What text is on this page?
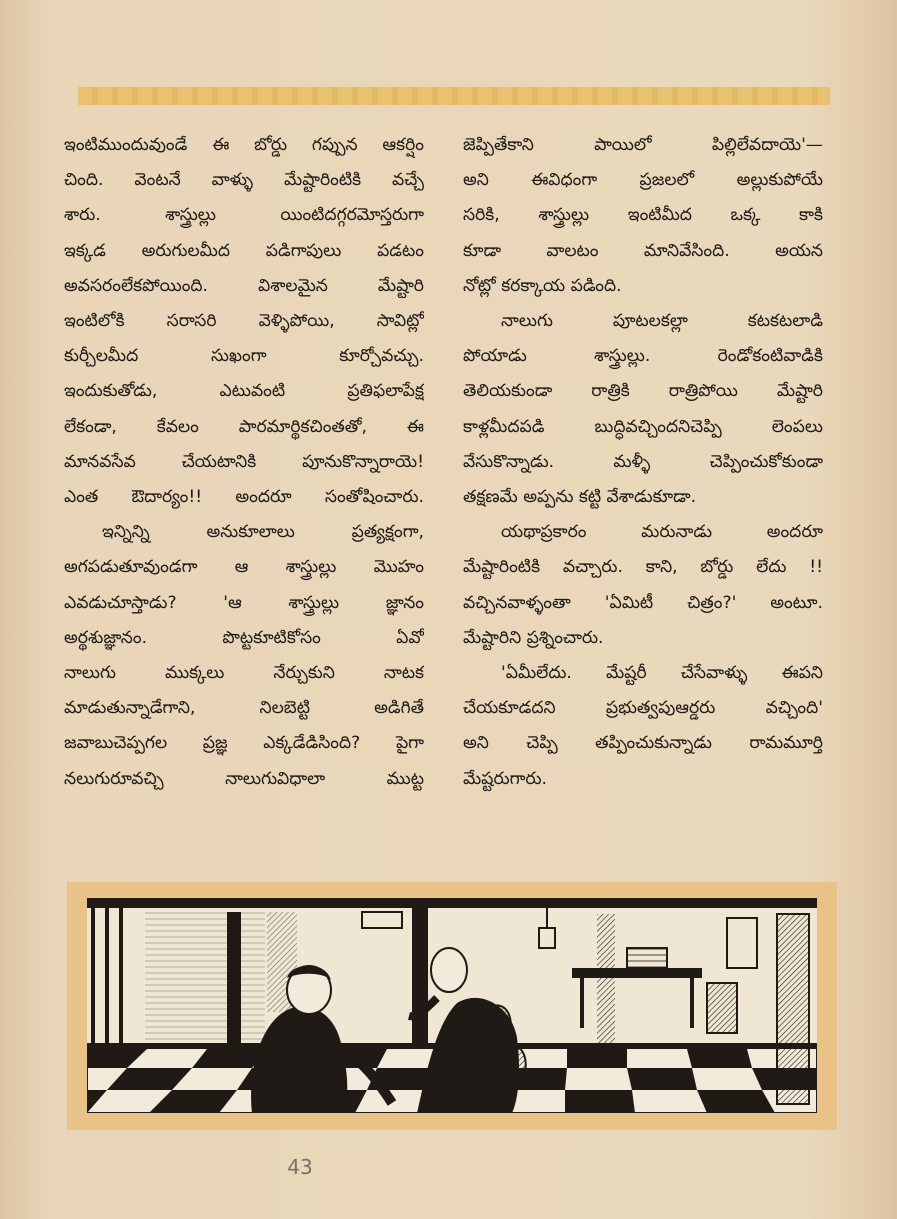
ఇంటిముందువుండే ఈ బోర్డు గప్పున ఆకర్షిం
చింది. వెంటనే వాళ్ళు మేష్టారింటికి వచ్చే
శారు. శాస్త్రుల్లు యింటిదగ్గరమోస్తరుగా
ఇక్కడ అరుగులమీద పడిగాపులు పడటం
అవసరంలేకపోయింది. విశాలమైన మేష్టారి
ఇంటిలోకి సరాసరి వెళ్ళిపోయి, సావిట్లో
కుర్చీలమీద సుఖంగా కూర్చోవచ్చు.
ఇందుకుతోడు, ఎటువంటి ప్రతిఫలాపేక్ష
లేకండా, కేవలం పారమార్థికచింతతో, ఈ
మానవసేవ చేయటానికి పూనుకొన్నారాయె!
ఎంత ఔదార్యం!! అందరూ సంతోషించారు.
ఇన్నిన్ని అనుకూలాలు ప్రత్యక్షంగా,
అగపడుతూవుండగా ఆ శాస్త్రుల్లు మొహం
ఎవడుచూస్తాడు? 'ఆ శాస్త్రుల్లు జ్ఞానం
అర్థశుజ్ఞానం. పొట్టకూటికోసం ఏవో
నాలుగు ముక్కలు నేర్చుకుని నాటక
మాడుతున్నాడేగాని, నిలబెట్టి అడిగితే
జవాబుచెప్పగల ప్రజ్ఞ ఎక్కడేడిసింది? పైగా
నలుగురూవచ్చి నాలుగువిధాలా ముట్ట
జెప్పితేకాని పాయిలో పిల్లిలేవదాయె'—
అని ఈవిధంగా ప్రజలలో అల్లుకుపోయే
సరికి, శాస్త్రుల్లు ఇంటిమీద ఒక్క కాకి
కూడా వాలటం మానివేసింది. అయన
నోట్లో కరక్కాయ పడింది.
నాలుగు పూటలకల్లా కటకటలాడి
పోయాడు శాస్త్రుల్లు. రెండోకంటివాడికి
తెలియకుండా రాత్రికి రాత్రిపోయి మేష్టారి
కాళ్లమీదపడి బుద్ధివచ్చిందనిచెప్పి లెంపలు
వేసుకొన్నాడు. మళ్ళీ చెప్పించుకోకుండా
తక్షణమే అప్పను కట్టి వేశాడుకూడా.
యథాప్రకారం మరునాడు అందరూ
మేష్టారింటికి వచ్చారు. కాని, బోర్డు లేదు !!
వచ్చినవాళ్ళంతా 'ఏమిటీ చిత్రం?' అంటూ.
మేష్టారిని ప్రశ్నించారు.
'ఏమీలేదు. మేష్టరీ చేసేవాళ్ళు ఈపని
చేయకూడదని ప్రభుత్వపుఆర్డరు వచ్చింది'
అని చెప్పి తప్పించుకున్నాడు రామమూర్తి
మేష్టరుగారు.
43
